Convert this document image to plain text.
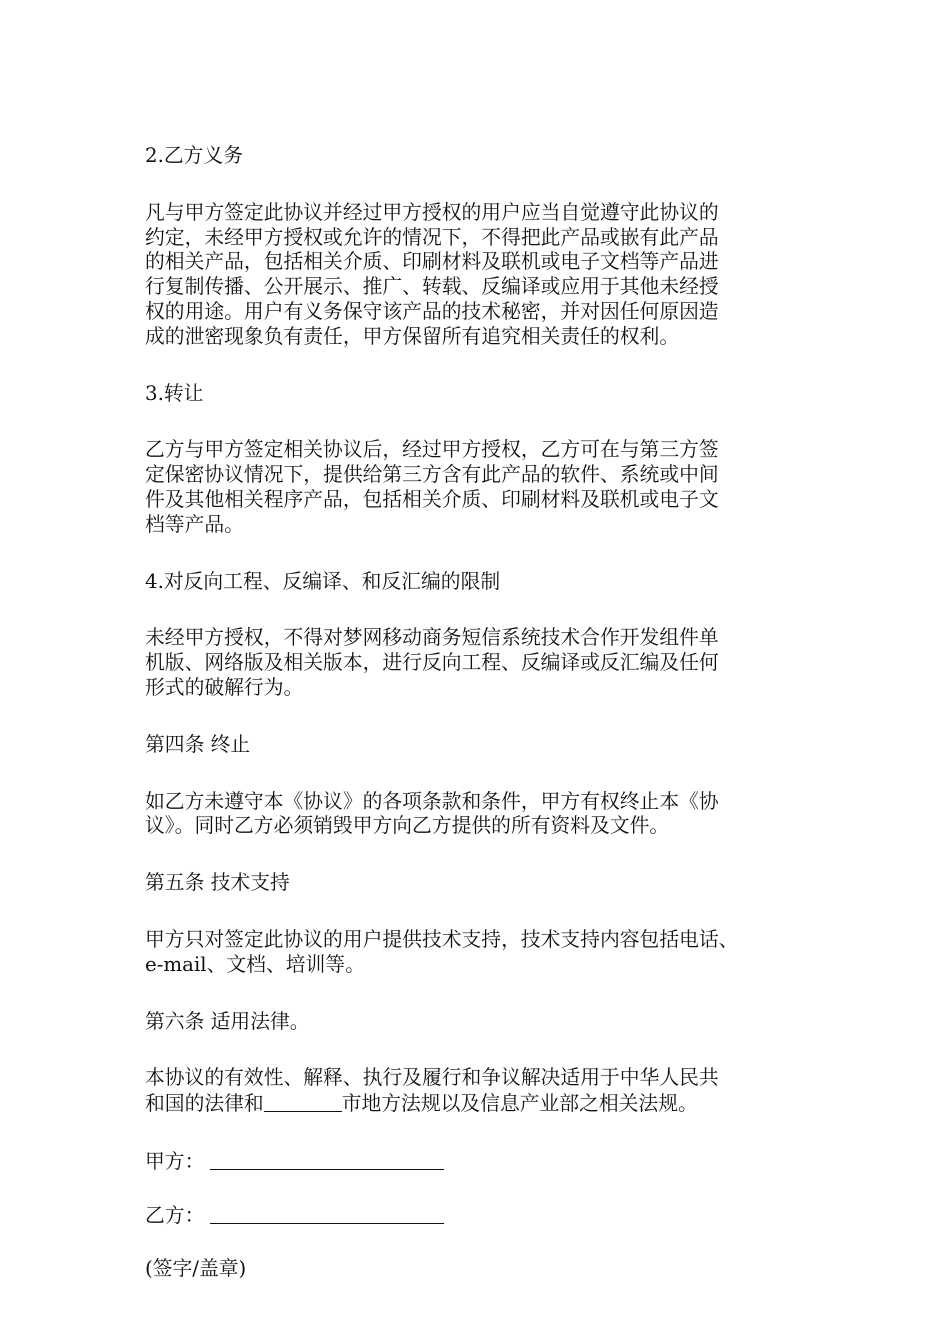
2.乙方义务
凡与甲方签定此协议并经过甲方授权的用户应当自觉遵守此协议的
约定，未经甲方授权或允许的情况下，不得把此产品或嵌有此产品
的相关产品，包括相关介质、印刷材料及联机或电子文档等产品进
行复制传播、公开展示、推广、转载、反编译或应用于其他未经授
权的用途。用户有义务保守该产品的技术秘密，并对因任何原因造
成的泄密现象负有责任，甲方保留所有追究相关责任的权利。
3.转让
乙方与甲方签定相关协议后，经过甲方授权，乙方可在与第三方签
定保密协议情况下，提供给第三方含有此产品的软件、系统或中间
件及其他相关程序产品，包括相关介质、印刷材料及联机或电子文
档等产品。
4.对反向工程、反编译、和反汇编的限制
未经甲方授权，不得对梦网移动商务短信系统技术合作开发组件单
机版、网络版及相关版本，进行反向工程、反编译或反汇编及任何
形式的破解行为。
第四条 终止
如乙方未遵守本《协议》的各项条款和条件，甲方有权终止本《协
议》。同时乙方必须销毁甲方向乙方提供的所有资料及文件。
第五条 技术支持
甲方只对签定此协议的用户提供技术支持，技术支持内容包括电话、
e-mail、文档、培训等。
第六条 适用法律。
本协议的有效性、解释、执行及履行和争议解决适用于中华人民共
和国的法律和	市地方法规以及信息产业部之相关法规。
甲方：
乙方：
(签字/盖章)
